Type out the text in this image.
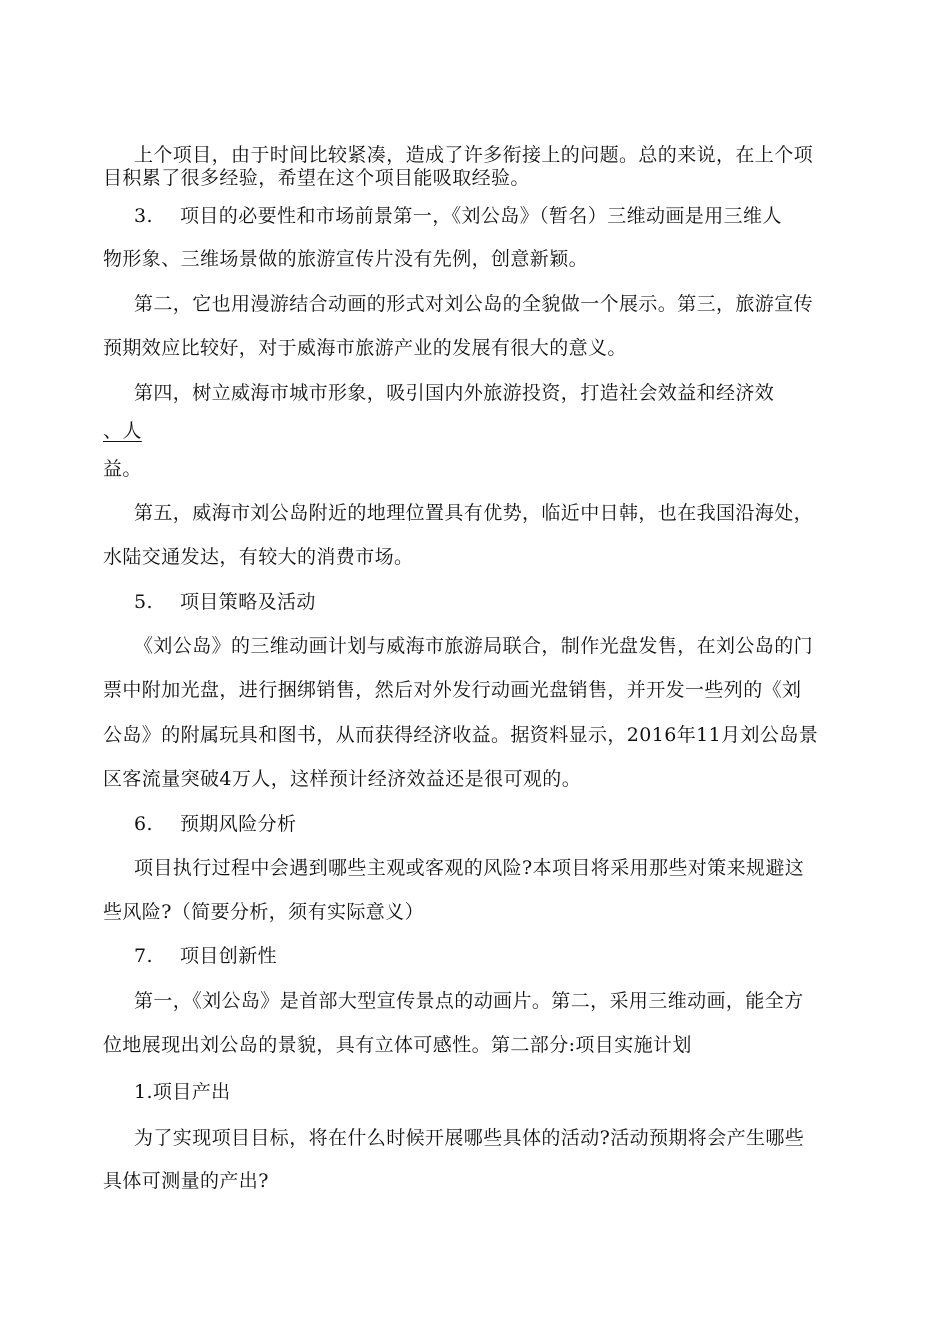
上个项目，由于时间比较紧凑，造成了许多衔接上的问题。总的来说，在上个项
目积累了很多经验，希望在这个项目能吸取经验。
3. 项目的必要性和市场前景第一，《刘公岛》（暂名）三维动画是用三维人
物形象、三维场景做的旅游宣传片没有先例，创意新颖。
第二，它也用漫游结合动画的形式对刘公岛的全貌做一个展示。第三，旅游宣传
预期效应比较好，对于威海市旅游产业的发展有很大的意义。
第四，树立威海市城市形象，吸引国内外旅游投资，打造社会效益和经济效
、人
益。
第五，威海市刘公岛附近的地理位置具有优势，临近中日韩，也在我国沿海处，
水陆交通发达，有较大的消费市场。
5. 项目策略及活动
《刘公岛》的三维动画计划与威海市旅游局联合，制作光盘发售，在刘公岛的门
票中附加光盘，进行捆绑销售，然后对外发行动画光盘销售，并开发一些列的《刘
公岛》的附属玩具和图书，从而获得经济收益。据资料显示，2016年11月刘公岛景
区客流量突破4万人，这样预计经济效益还是很可观的。
6. 预期风险分析
项目执行过程中会遇到哪些主观或客观的风险?本项目将采用那些对策来规避这
些风险?（简要分析，须有实际意义）
7. 项目创新性
第一，《刘公岛》是首部大型宣传景点的动画片。第二，采用三维动画，能全方
位地展现出刘公岛的景貌，具有立体可感性。第二部分:项目实施计划
1.项目产出
为了实现项目目标，将在什么时候开展哪些具体的活动?活动预期将会产生哪些
具体可测量的产出?
